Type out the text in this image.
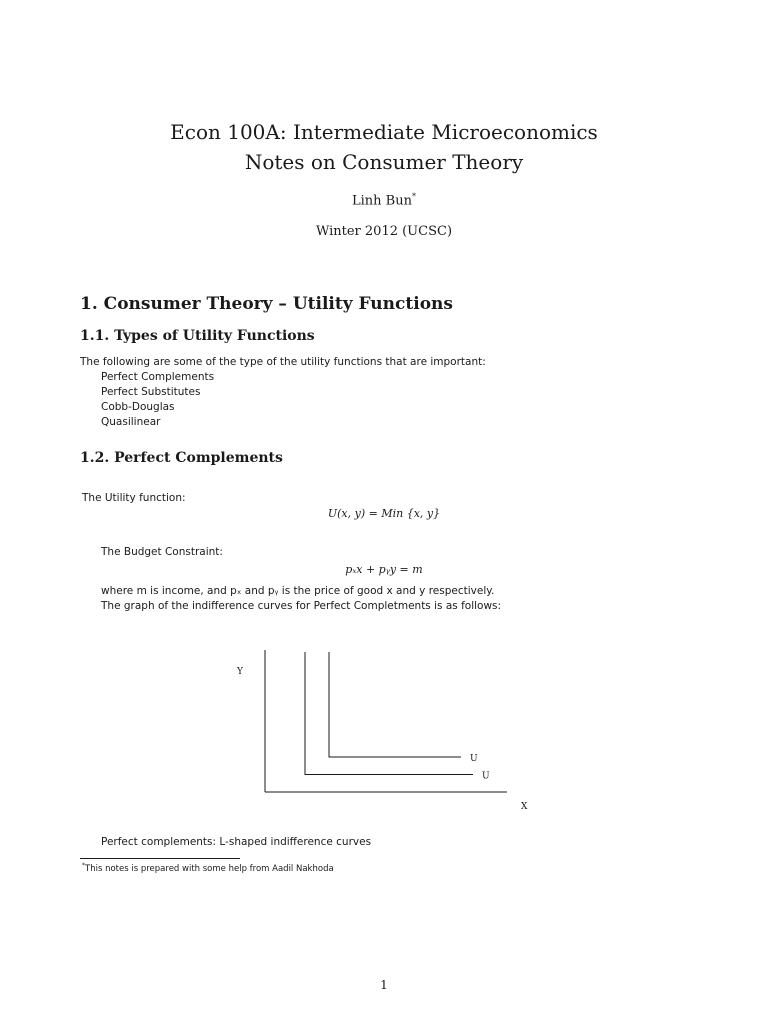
Econ 100A: Intermediate Microeconomics
Notes on Consumer Theory
Linh Bun*
Winter 2012 (UCSC)
1. Consumer Theory – Utility Functions
1.1. Types of Utility Functions
The following are some of the type of the utility functions that are important:
Perfect Complements
Perfect Substitutes
Cobb-Douglas
Quasilinear
1.2. Perfect Complements
The Utility function:
U(x, y) = Min {x, y}
The Budget Constraint:
pₓx + pᵧy = m
where m is income, and pₓ and pᵧ is the price of good x and y respectively.
The graph of the indifference curves for Perfect Completments is as follows:
Y
X
U
U
Perfect complements: L-shaped indifference curves
*This notes is prepared with some help from Aadil Nakhoda
1
